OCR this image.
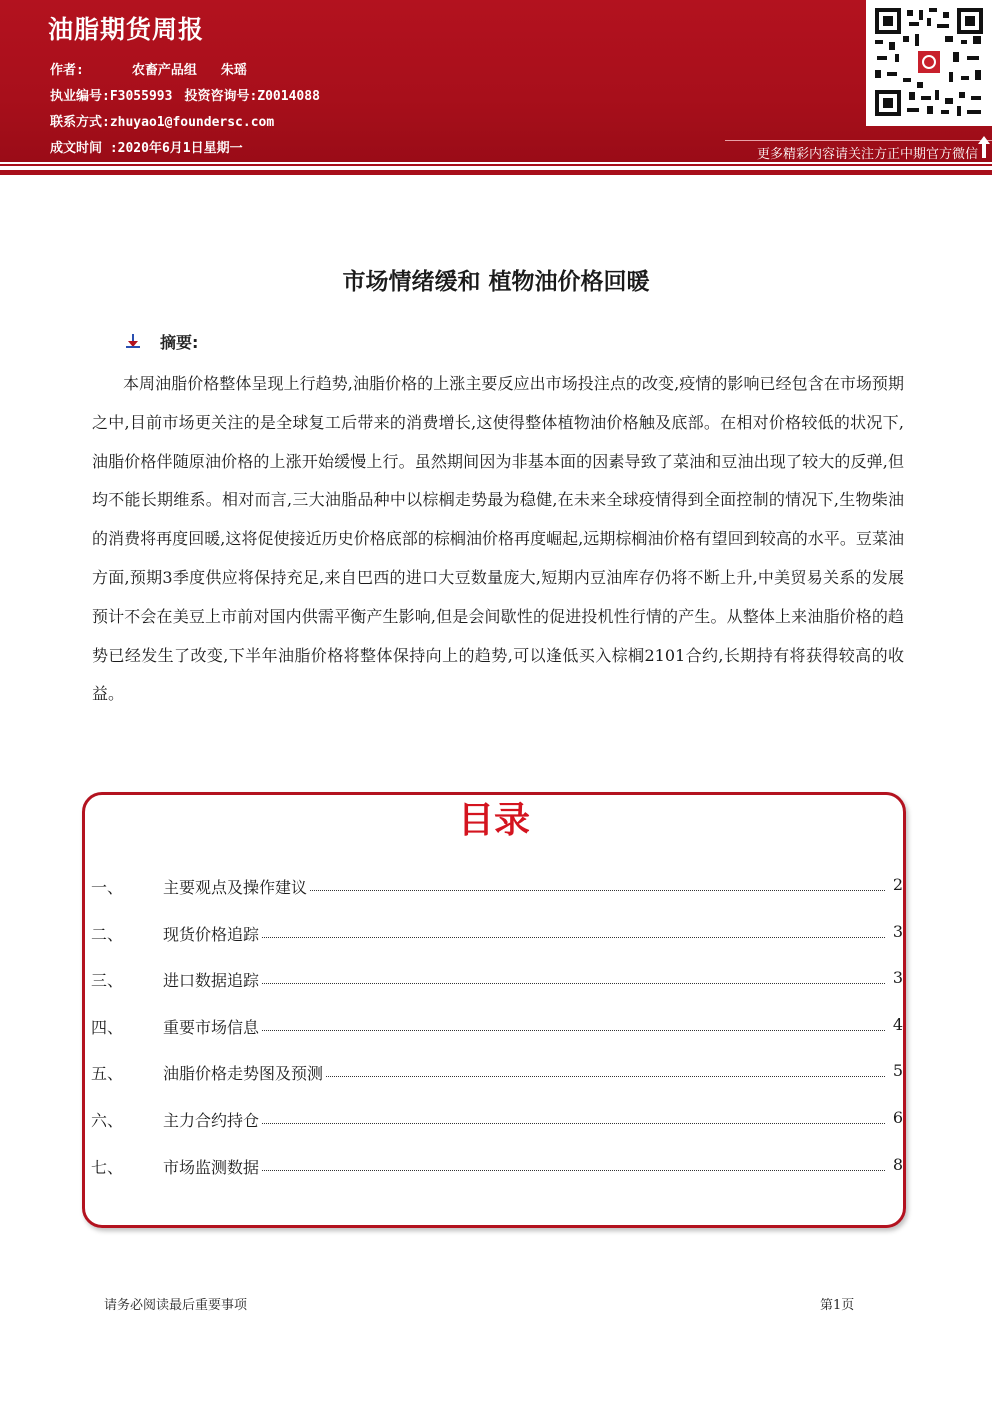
油脂期货周报
作者:	农畜产品组 朱瑶
执业编号:F3055993 投资咨询号:Z0014088
联系方式:zhuyao1@foundersc.com
成文时间 :2020年6月1日星期一	更多精彩内容请关注方正中期官方微信
市场情绪缓和 植物油价格回暖
摘要:
本周油脂价格整体呈现上行趋势,油脂价格的上涨主要反应出市场投注点的改变,疫情的影响已经包含在市场预期之中,目前市场更关注的是全球复工后带来的消费增长,这使得整体植物油价格触及底部。在相对价格较低的状况下,油脂价格伴随原油价格的上涨开始缓慢上行。虽然期间因为非基本面的因素导致了菜油和豆油出现了较大的反弹,但均不能长期维系。相对而言,三大油脂品种中以棕榈走势最为稳健,在未来全球疫情得到全面控制的情况下,生物柴油的消费将再度回暖,这将促使接近历史价格底部的棕榈油价格再度崛起,远期棕榈油价格有望回到较高的水平。豆菜油方面,预期3季度供应将保持充足,来自巴西的进口大豆数量庞大,短期内豆油库存仍将不断上升,中美贸易关系的发展预计不会在美豆上市前对国内供需平衡产生影响,但是会间歇性的促进投机性行情的产生。从整体上来油脂价格的趋势已经发生了改变,下半年油脂价格将整体保持向上的趋势,可以逢低买入棕榈2101合约,长期持有将获得较高的收益。
目录
一、 主要观点及操作建议	2
二、 现货价格追踪	3
三、 进口数据追踪	3
四、 重要市场信息	4
五、 油脂价格走势图及预测	5
六、 主力合约持仓	6
七、 市场监测数据	8
请务必阅读最后重要事项	第1页
